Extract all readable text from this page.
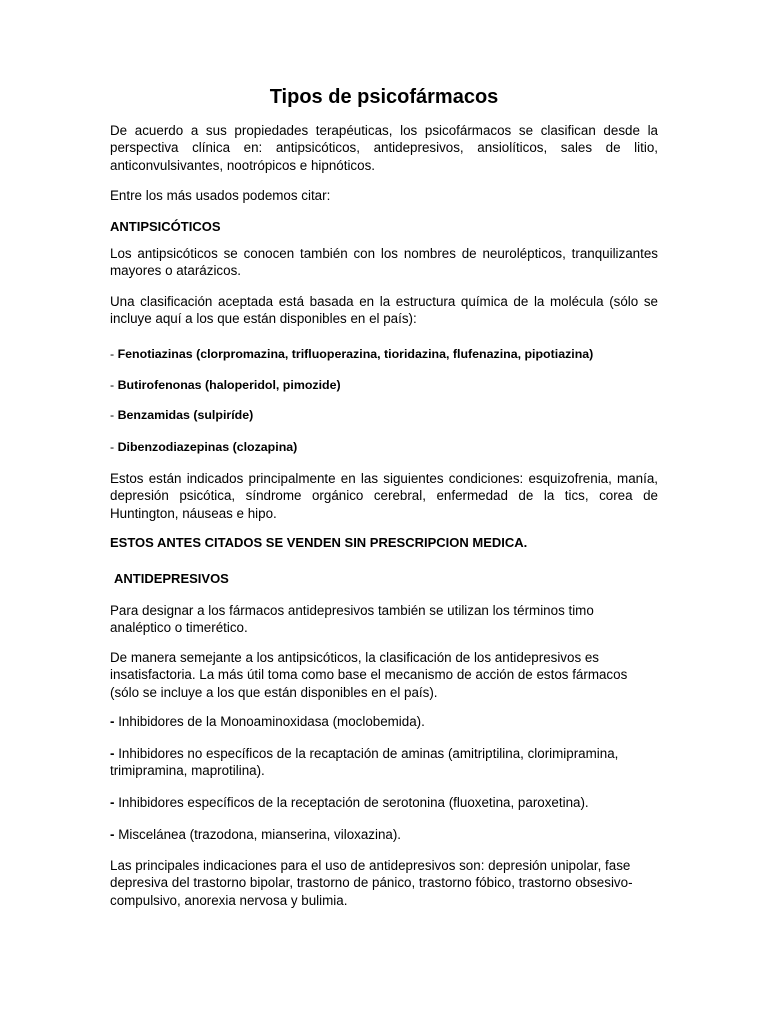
Tipos de psicofármacos

De acuerdo a sus propiedades terapéuticas, los psicofármacos se clasifican desde la perspectiva clínica en: antipsicóticos, antidepresivos, ansiolíticos, sales de litio, anticonvulsivantes, nootrópicos e hipnóticos.

Entre los más usados podemos citar:

ANTIPSICÓTICOS

Los antipsicóticos se conocen también con los nombres de neurolépticos, tranquilizantes mayores o atarázicos.

Una clasificación aceptada está basada en la estructura química de la molécula (sólo se incluye aquí a los que están disponibles en el país):

- Fenotiazinas (clorpromazina, trifluoperazina, tioridazina, flufenazina, pipotiazina)

- Butirofenonas (haloperidol, pimozide)

- Benzamidas (sulpiríde)

- Dibenzodiazepinas (clozapina)

Estos están indicados principalmente en las siguientes condiciones: esquizofrenia, manía, depresión psicótica, síndrome orgánico cerebral, enfermedad de la tics, corea de Huntington, náuseas e hipo.

ESTOS ANTES CITADOS SE VENDEN SIN PRESCRIPCION MEDICA.

ANTIDEPRESIVOS

Para designar a los fármacos antidepresivos también se utilizan los términos timo analéptico o timerético.

De manera semejante a los antipsicóticos, la clasificación de los antidepresivos es insatisfactoria. La más útil toma como base el mecanismo de acción de estos fármacos (sólo se incluye a los que están disponibles en el país).

- Inhibidores de la Monoaminoxidasa (moclobemida).

- Inhibidores no específicos de la recaptación de aminas (amitriptilina, clorimipramina, trimipramina, maprotilina).

- Inhibidores específicos de la receptación de serotonina (fluoxetina, paroxetina).

- Miscelánea (trazodona, mianserina, viloxazina).

Las principales indicaciones para el uso de antidepresivos son: depresión unipolar, fase depresiva del trastorno bipolar, trastorno de pánico, trastorno fóbico, trastorno obsesivo-compulsivo, anorexia nervosa y bulimia.
